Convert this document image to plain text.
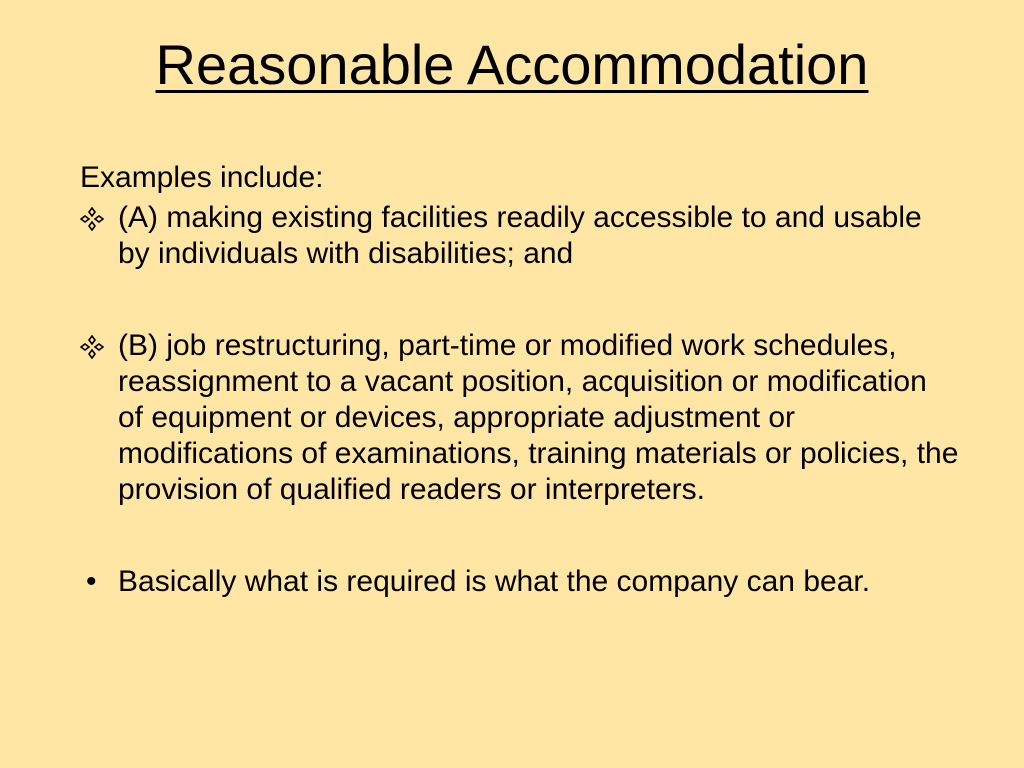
Reasonable Accommodation

Examples include:

(A) making existing facilities readily accessible to and usable by individuals with disabilities; and
(B) job restructuring, part-time or modified work schedules, reassignment to a vacant position, acquisition or modification of equipment or devices, appropriate adjustment or modifications of examinations, training materials or policies, the provision of qualified readers or interpreters.
• Basically what is required is what the company can bear.
